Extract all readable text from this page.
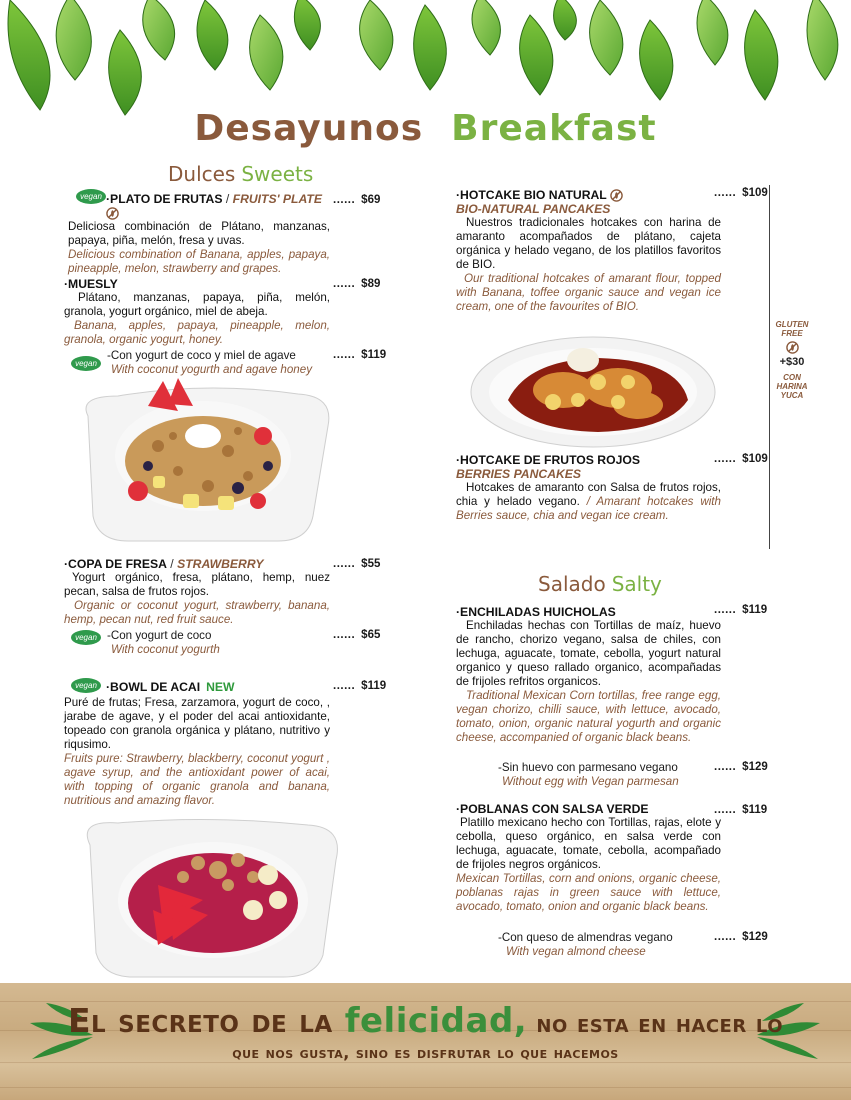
Desayunos Breakfast
Dulces Sweets
vegan ·PLATO DE FRUTAS / FRUITS' PLATE
Deliciosa combinación de Plátano, manzanas, papaya, piña, melón, fresa y uvas.
Delicious combination of Banana, apples, papaya, pineapple, melon, strawberry and grapes.
...... $69
·MUESLY
Plátano, manzanas, papaya, piña, melón, granola, yogurt orgánico, miel de abeja.
Banana, apples, papaya, pineapple, melon, granola, organic yogurt, honey.
...... $89
vegan
-Con yogurt de coco y miel de agave
With coconut yogurth and agave honey
...... $119
·COPA DE FRESA / STRAWBERRY
Yogurt orgánico, fresa, plátano, hemp, nuez pecan, salsa de frutos rojos.
Organic or coconut yogurt, strawberry, banana, hemp, pecan nut, red fruit sauce.
...... $55
vegan -Con yogurt de coco
With coconut yogurth
...... $65
vegan ·BOWL DE ACAI NEW
Puré de frutas; Fresa, zarzamora, yogurt de coco, , jarabe de agave, y el poder del acai antioxidante, topeado con granola orgánica y plátano, nutritivo y riqusimo.
Fruits pure: Strawberry, blackberry, coconut yogurt , agave syrup, and the antioxidant power of acai, with topping of organic granola and banana, nutritious and amazing flavor.
...... $119
·HOTCAKE BIO NATURAL
BIO-NATURAL PANCAKES
Nuestros tradicionales hotcakes con harina de amaranto acompañados de plátano, cajeta orgánica y helado vegano, de los platillos favoritos de BIO.
Our traditional hotcakes of amarant flour, topped with Banana, toffee organic sauce and vegan ice cream, one of the favourites of BIO.
...... $109
·HOTCAKE DE FRUTOS ROJOS
BERRIES PANCAKES
Hotcakes de amaranto con Salsa de frutos rojos, chia y helado vegano. / Amarant hotcakes with Berries sauce, chia and vegan ice cream.
...... $109
GLUTEN
FREE
+$30
CON
HARINA
YUCA
Salado Salty
·ENCHILADAS HUICHOLAS
Enchiladas hechas con Tortillas de maíz, huevo de rancho, chorizo vegano, salsa de chiles, con lechuga, aguacate, tomate, cebolla, yogurt natural organico y queso rallado organico, acompañadas de frijoles refritos organicos.
Traditional Mexican Corn tortillas, free range egg, vegan chorizo, chilli sauce, with lettuce, avocado, tomato, onion, organic natural yogurth and organic cheese, accompanied of organic black beans.
...... $119
-Sin huevo con parmesano vegano
Without egg with Vegan parmesan
...... $129
·POBLANAS CON SALSA VERDE
Platillo mexicano hecho con Tortillas, rajas, elote y cebolla, queso orgánico, en salsa verde con lechuga, aguacate, tomate, cebolla, acompañado de frijoles negros orgánicos.
Mexican Tortillas, corn and onions, organic cheese, poblanas rajas in green sauce with lettuce, avocado, tomato, onion and organic black beans.
...... $119
-Con queso de almendras vegano
With vegan almond cheese
...... $129
El secreto de la felicidad, no esta en hacer lo
que nos gusta, sino es disfrutar lo que hacemos
